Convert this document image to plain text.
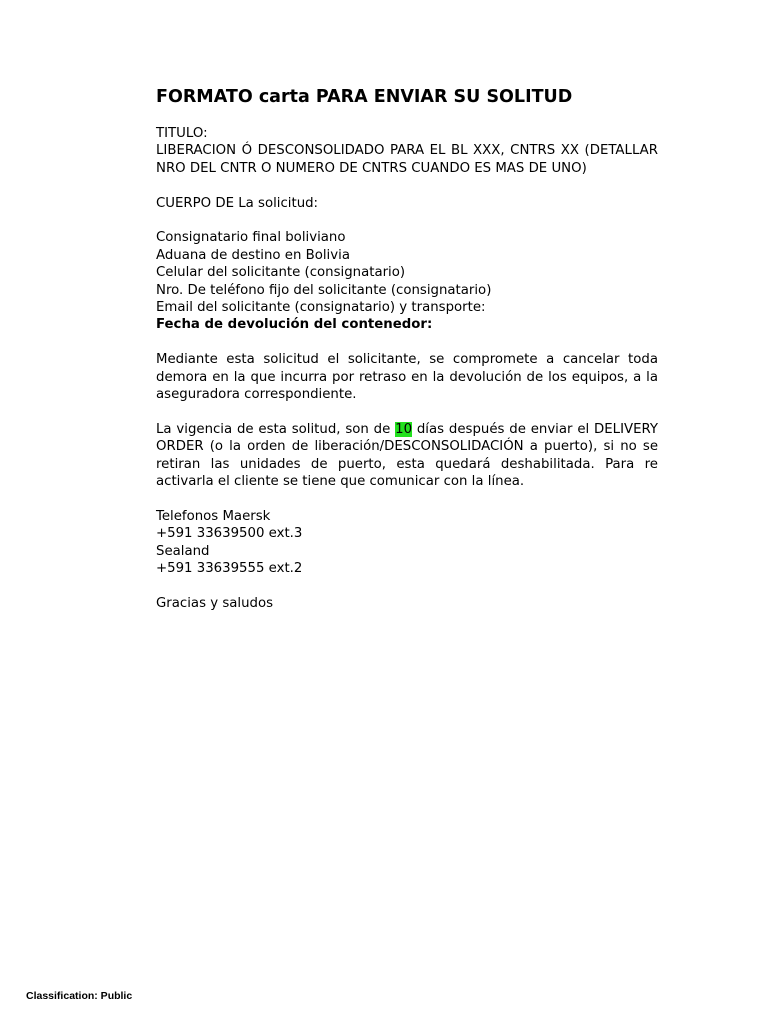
FORMATO carta PARA ENVIAR SU SOLITUD

TITULO:

LIBERACION Ó DESCONSOLIDADO PARA EL BL XXX, CNTRS XX (DETALLAR NRO DEL CNTR O NUMERO DE CNTRS CUANDO ES MAS DE UNO)

CUERPO DE La solicitud:

Consignatario final boliviano

Aduana de destino en Bolivia

Celular del solicitante (consignatario)

Nro. De teléfono fijo del solicitante (consignatario)

Email del solicitante (consignatario) y transporte:

Fecha de devolución del contenedor:

Mediante esta solicitud el solicitante, se compromete a cancelar toda demora en la que incurra por retraso en la devolución de los equipos, a la aseguradora correspondiente.

La vigencia de esta solitud, son de 10 días después de enviar el DELIVERY ORDER (o la orden de liberación/DESCONSOLIDACIÓN a puerto), si no se retiran las unidades de puerto, esta quedará deshabilitada. Para re activarla el cliente se tiene que comunicar con la línea.

Telefonos Maersk

+591 33639500 ext.3

Sealand

+591 33639555 ext.2

Gracias y saludos

Classification: Public
